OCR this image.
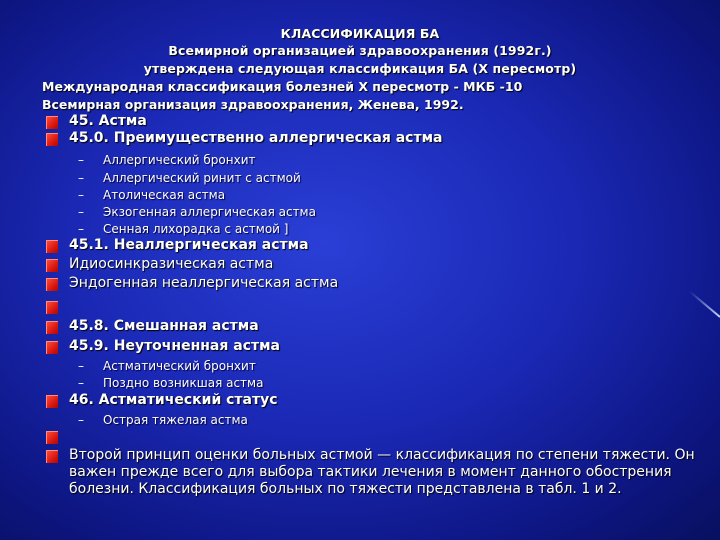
КЛАССИФИКАЦИЯ БА
Всемирной организацией здравоохранения (1992г.)
утверждена следующая классификация БА (X пересмотр)
Международная классификация болезней X пересмотр - МКБ -10
Всемирная организация здравоохранения, Женева, 1992.
45. Астма
45.0. Преимущественно аллергическая астма
– Аллергический бронхит
– Аллергический ринит с астмой
– Атолическая астма
– Экзогенная аллергическая астма
– Сенная лихорадка с астмой ]
45.1. Неаллергическая астма
Идиосинкразическая астма
Эндогенная неаллергическая астма
45.8. Смешанная астма
45.9. Неуточненная астма
– Астматический бронхит
– Поздно возникшая астма
46. Астматический статус
– Острая тяжелая астма
Второй принцип оценки больных астмой — классификация по степени тяжести. Он важен прежде всего для выбора тактики лечения в момент данного обострения болезни. Классификация больных по тяжести представлена в табл. 1 и 2.
